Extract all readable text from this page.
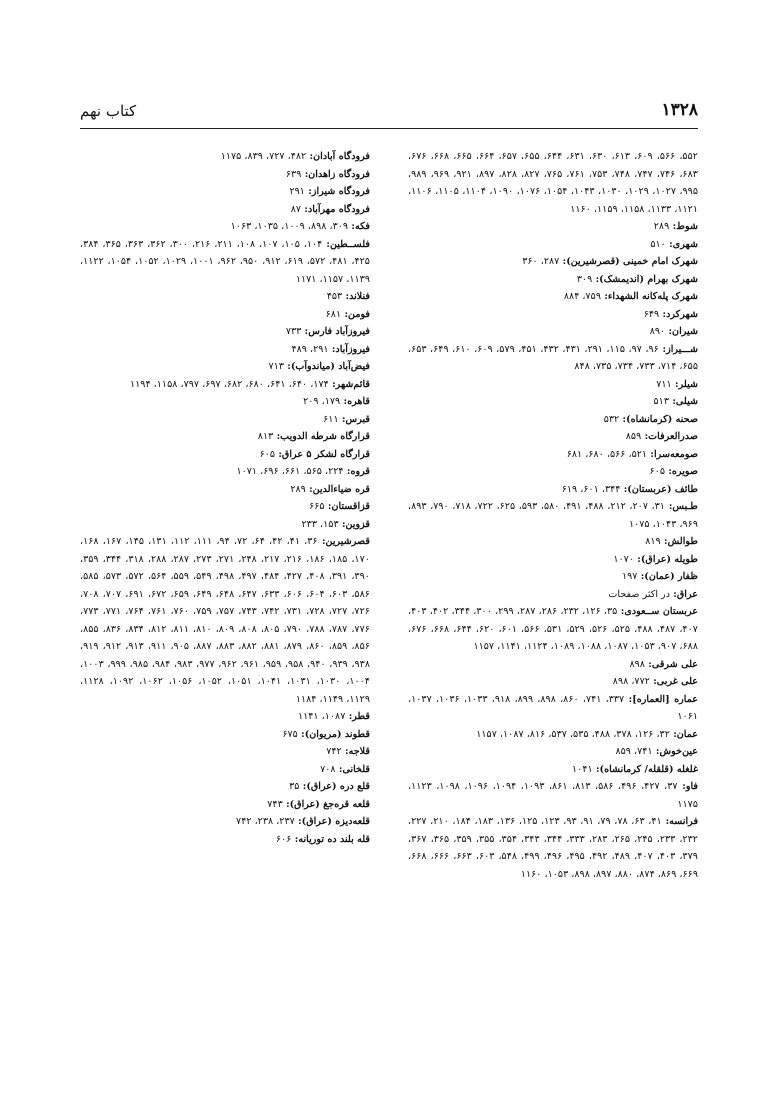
۱۳۲۸
کتاب نهم

۵۵۲، ۵۶۶، ۶۰۹، ۶۱۳، ۶۳۰، ۶۳۱، ۶۴۴، ۶۵۵، ۶۵۷، ۶۶۴، ۶۶۵، ۶۶۸، ۶۷۶، ۶۸۳، ۷۴۶، ۷۴۷، ۷۴۸، ۷۵۳، ۷۶۱، ۷۶۵، ۸۲۷، ۸۲۸، ۸۹۷، ۹۲۱، ۹۶۹، ۹۸۹، ۹۹۵، ۱۰۲۷، ۱۰۲۹، ۱۰۳۰، ۱۰۴۳، ۱۰۵۴، ۱۰۷۶، ۱۰۹۰، ۱۱۰۴، ۱۱۰۵، ۱۱۰۶، ۱۱۲۱، ۱۱۳۳، ۱۱۵۸، ۱۱۵۹، ۱۱۶۰

شوط : ۲۸۹

شهری : ۵۱۰

شهرک امام خمینی (قصرشیرین) : ۲۸۷، ۳۶۰

شهرک بهرام (اندیمشک) : ۳۰۹

شهرک پلەکانه الشهداء : ۷۵۹، ۸۸۴

شهرکرد : ۶۴۹

شیران : ۸۹۰

شـــیراز : ۹۶، ۹۷، ۱۱۵، ۲۹۱، ۴۳۱، ۴۳۲، ۴۵۱، ۵۷۹، ۶۰۹، ۶۱۰، ۶۴۹، ۶۵۳، ۶۵۵، ۷۱۴، ۷۳۳، ۷۳۴، ۷۳۵، ۸۴۸

شیلر : ۷۱۱

شیلی : ۵۱۳

صحنه (کرمانشاه) : ۵۳۲

صدرالعرفات : ۸۵۹

صومعه‌سرا : ۵۲۱، ۵۶۶، ۶۸۰، ۶۸۱

صویره : ۶۰۵

طائف (عربستان) : ۳۴۴، ۶۰۱، ۶۱۹

طـبس : ۳۱، ۲۰۷، ۲۱۲، ۴۸۸، ۴۹۱، ۵۸۰، ۵۹۳، ۶۲۵، ۷۲۲، ۷۱۸، ۷۹۰، ۸۹۳، ۹۶۹، ۱۰۴۳، ۱۰۷۵

طوالش : ۸۱۹

طویله (عراق) : ۱۰۷۰

ظفار (عمان) : ۱۹۷

عراق : در اکثر صفحات

عربستان ســعودی : ۳۵، ۱۲۶، ۲۳۲، ۲۸۶، ۲۸۷، ۲۹۹، ۳۰۰، ۳۴۴، ۴۰۲، ۴۰۳، ۴۰۷، ۴۸۷، ۴۸۸، ۵۲۵، ۵۲۶، ۵۲۹، ۵۳۱، ۵۶۶، ۶۰۱، ۶۲۰، ۶۴۴، ۶۶۸، ۶۷۶، ۶۸۸، ۹۰۷، ۱۰۵۳، ۱۰۸۷، ۱۰۸۸، ۱۰۸۹، ۱۱۲۴، ۱۱۴۱، ۱۱۵۷

علی شرقی : ۸۹۸

علی غربی : ۷۷۲، ۸۹۸

عماره [العماره] : ۳۳۷، ۷۴۱، ۸۶۰، ۸۹۸، ۸۹۹، ۹۱۸، ۱۰۳۳، ۱۰۳۶، ۱۰۳۷، ۱۰۶۱

عمان : ۳۲، ۱۲۶، ۳۷۸، ۴۸۸، ۵۳۵، ۵۳۷، ۸۱۶، ۱۰۸۷، ۱۱۵۷

عین‌خوش : ۷۴۱، ۸۵۹

غلغله (قلقله/ کرمانشاه) : ۱۰۴۱

فاو : ۳۷، ۴۲۷، ۴۹۶، ۵۸۶، ۸۱۳، ۸۶۱، ۱۰۹۳، ۱۰۹۴، ۱۰۹۶، ۱۰۹۸، ۱۱۲۳، ۱۱۷۵

فرانسه : ۴۱، ۶۳، ۷۸، ۷۹، ۹۱، ۹۳، ۱۲۳، ۱۲۵، ۱۳۶، ۱۸۳، ۱۸۴، ۲۱۰، ۲۲۷، ۲۳۲، ۲۳۳، ۲۴۵، ۲۶۵، ۲۸۳، ۳۳۳، ۳۴۴، ۳۴۳، ۳۵۴، ۳۵۵، ۳۵۹، ۳۶۵، ۳۶۷، ۳۷۹، ۴۰۳، ۴۰۷، ۴۸۹، ۴۹۲، ۴۹۵، ۴۹۶، ۴۹۹، ۵۴۸، ۶۰۳، ۶۶۳، ۶۶۶، ۶۶۸، ۶۶۹، ۸۶۹، ۸۷۴، ۸۸۰، ۸۹۷، ۸۹۸، ۱۰۵۳، ۱۱۶۰

فرودگاه آبادان : ۴۸۲، ۷۲۷، ۸۳۹، ۱۱۷۵

فرودگاه زاهدان : ۶۳۹

فرودگاه شیراز : ۲۹۱

فرودگاه مهرآباد : ۸۷

فکه : ۳۰۹، ۸۹۸، ۱۰۰۹، ۱۰۳۵، ۱۰۶۳

فلســطین : ۱۰۴، ۱۰۵، ۱۰۷، ۱۰۸، ۲۱۱، ۲۱۶، ۳۰۰، ۳۶۲، ۳۶۳، ۳۶۵، ۳۸۴، ۴۲۵، ۴۸۱، ۵۷۲، ۶۱۹، ۹۱۲، ۹۵۰، ۹۶۲، ۱۰۰۱، ۱۰۲۹، ۱۰۵۲، ۱۰۵۴، ۱۱۲۲، ۱۱۳۹، ۱۱۵۷، ۱۱۷۱

فنلاند : ۴۵۳

فومن : ۶۸۱

فیروزآباد فارس : ۷۳۳

فیروزآباد : ۲۹۱، ۴۸۹

فیض‌آباد (میاندوآب) : ۷۱۳

قائم‌شهر : ۱۷۴، ۶۴۰، ۶۴۱، ۶۸۰، ۶۸۲، ۶۹۷، ۷۹۷، ۱۱۵۸، ۱۱۹۴

قاهره : ۱۷۹، ۲۰۹

قبرس : ۶۱۱

قرارگاه شرطه الدویب : ۸۱۳

قرارگاه لشکر ۵ عراق : ۶۰۵

قروه : ۲۲۴، ۵۶۵، ۶۶۱، ۶۹۶، ۱۰۷۱

قره ضیاءالدین : ۲۸۹

قزاقستان : ۶۶۵

قزوین : ۱۵۳، ۲۳۳

قصرشیرین : ۳۶، ۴۱، ۴۲، ۶۴، ۷۲، ۹۴، ۱۱۱، ۱۱۲، ۱۳۱، ۱۴۵، ۱۶۷، ۱۶۸، ۱۷۰، ۱۸۵، ۱۸۶، ۲۱۶، ۲۱۷، ۲۴۸، ۲۷۱، ۲۷۳، ۲۸۷، ۲۸۸، ۳۱۸، ۳۴۴، ۳۵۹، ۳۹۰، ۳۹۱، ۴۰۸، ۴۲۷، ۴۸۴، ۴۹۷، ۴۹۸، ۵۴۹، ۵۵۹، ۵۶۴، ۵۷۲، ۵۷۳، ۵۸۵، ۵۸۶، ۶۰۳، ۶۰۴، ۶۰۶، ۶۳۳، ۶۴۷، ۶۴۸، ۶۴۹، ۶۵۹، ۶۷۲، ۶۹۱، ۷۰۷، ۷۰۸، ۷۲۶، ۷۲۷، ۷۲۸، ۷۳۱، ۷۴۲، ۷۴۳، ۷۵۷، ۷۵۹، ۷۶۰، ۷۶۱، ۷۶۴، ۷۷۱، ۷۷۳، ۷۷۶، ۷۸۷، ۷۸۸، ۷۹۰، ۸۰۵، ۸۰۸، ۸۰۹، ۸۱۰، ۸۱۱، ۸۱۲، ۸۳۴، ۸۳۶، ۸۵۵، ۸۵۶، ۸۵۹، ۸۶۰، ۸۷۹، ۸۸۱، ۸۸۲، ۸۸۳، ۸۸۷، ۹۰۵، ۹۱۱، ۹۱۳، ۹۱۲، ۹۱۹، ۹۳۸، ۹۳۹، ۹۴۰، ۹۵۸، ۹۵۹، ۹۶۱، ۹۶۲، ۹۷۷، ۹۸۳، ۹۸۴، ۹۸۵، ۹۹۹، ۱۰۰۳، ۱۰۰۴، ۱۰۳۰، ۱۰۳۱، ۱۰۴۱، ۱۰۵۱، ۱۰۵۲، ۱۰۵۶، ۱۰۶۲، ۱۰۹۲، ۱۱۲۸، ۱۱۲۹، ۱۱۴۹، ۱۱۸۴

قطر : ۱۰۸۷، ۱۱۴۱

قطوند (مریوان) : ۶۷۵

قلاجه : ۷۴۲

قلخانی : ۷۰۸

قلع دره (عراق) : ۳۵

قلعه قره‌جغ (عراق) : ۷۴۳

قلعه‌دیزه (عراق) : ۲۳۷، ۲۳۸، ۷۴۲

قله بلند ده توریانه : ۶۰۶
